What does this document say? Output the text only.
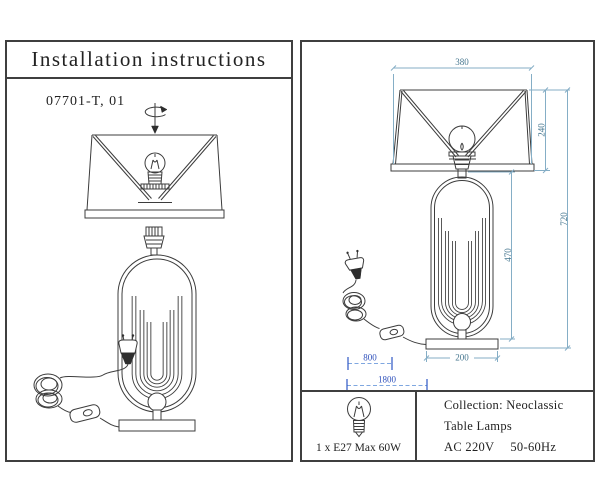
Installation instructions
07701-T, 01
380
240
720
470
200
800
1800
1 x E27 Max 60W
Collection: Neoclassic
Table Lamps
AC 220V 50-60Hz
